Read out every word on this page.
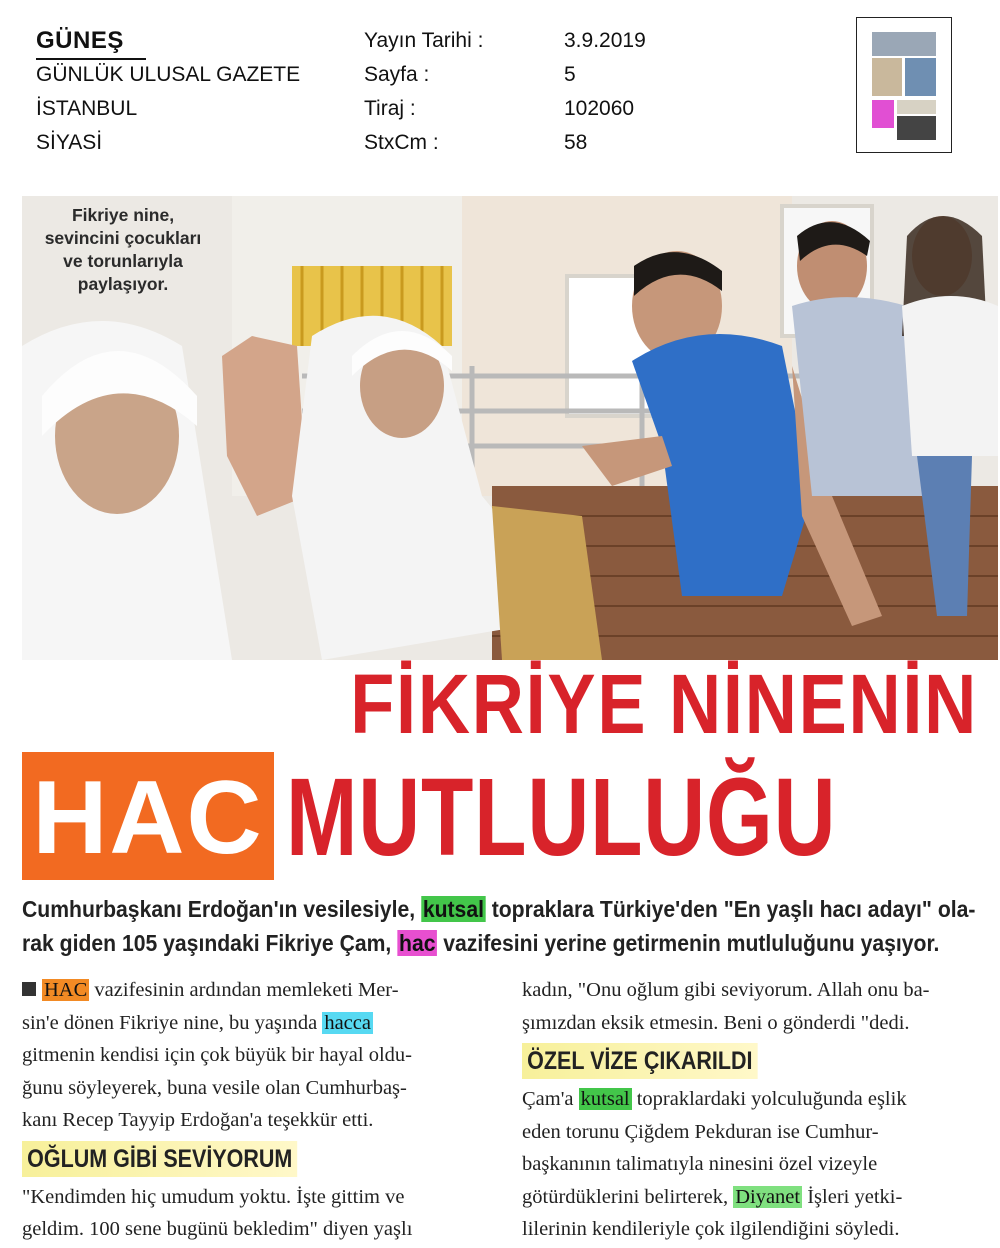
GÜNEŞ
GÜNLÜK ULUSAL GAZETE
İSTANBUL
SİYASİ
Yayın Tarihi :
Sayfa :
Tiraj :
StxCm :
3.9.2019
5
102060
58
Fikriye nine,
sevincini çocukları
ve torunlarıyla
paylaşıyor.
FİKRİYE NİNENİN
HAC MUTLULUĞU

Cumhurbaşkanı Erdoğan'ın vesilesiyle, kutsal topraklara Türkiye'den "En yaşlı hacı adayı" ola-

rak giden 105 yaşındaki Fikriye Çam, hac vazifesini yerine getirmenin mutluluğunu yaşıyor.

HAC vazifesinin ardından memleketi Mer-

sin'e dönen Fikriye nine, bu yaşında hacca

gitmenin kendisi için çok büyük bir hayal oldu-

ğunu söyleyerek, buna vesile olan Cumhurbaş-

kanı Recep Tayyip Erdoğan'a teşekkür etti.

OĞLUM GİBİ SEVİYORUM

"Kendimden hiç umudum yoktu. İşte gittim ve

geldim. 100 sene bugünü bekledim" diyen yaşlı

kadın, "Onu oğlum gibi seviyorum. Allah onu ba-

şımızdan eksik etmesin. Beni o gönderdi "dedi.

ÖZEL VİZE ÇIKARILDI

Çam'a kutsal topraklardaki yolculuğunda eşlik

eden torunu Çiğdem Pekduran ise Cumhur-

başkanının talimatıyla ninesini özel vizeyle

götürdüklerini belirterek, Diyanet İşleri yetki-

lilerinin kendileriyle çok ilgilendiğini söyledi.
